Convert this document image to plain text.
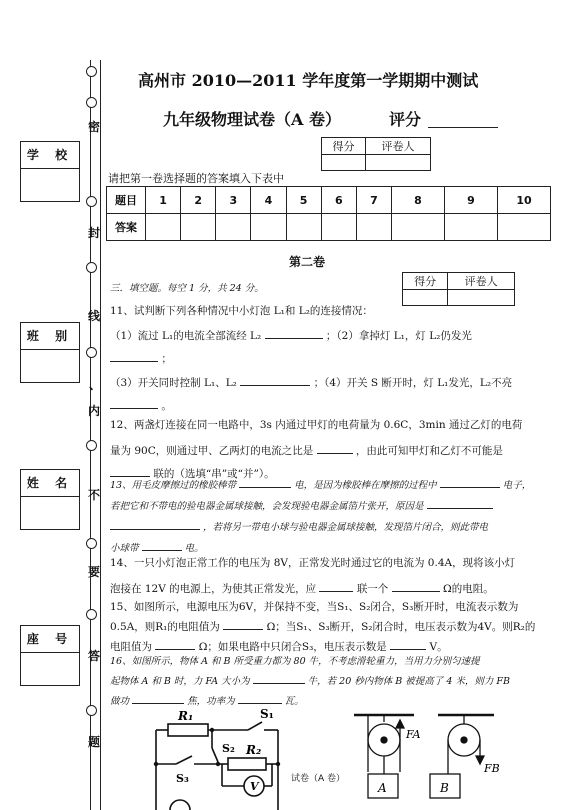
密
封
线
、
内
不
要
答
题
学 校
班 别
姓 名
座 号
高州市 2010—2011 学年度第一学期期中测试
九年级物理试卷（A 卷）	评分
得分	评卷人

请把第一卷选择题的答案填入下表中
题目	1	2	3	4	5	6	7	8	9	10
答案										
第二卷
得分	评卷人

三．填空题。每空 1 分，共 24 分。
11、试判断下列各种情况中小灯泡 L₁和 L₂的连接情况：
（1）流过 L₁的电流全部流经 L₂	；（2）拿掉灯 L₁，灯 L₂仍发光
；
（3）开关同时控制 L₁、L₂	；（4）开关 S 断开时，灯 L₁发光，L₂不亮
。
12、两盏灯连接在同一电路中，3s 内通过甲灯的电荷量为 0.6C，3min 通过乙灯的电荷
量为 90C，则通过甲、乙两灯的电流之比是	，由此可知甲灯和乙灯不可能是
联的（选填“串”或“并”）。
13、用毛皮摩擦过的橡胶棒带	电，是因为橡胶棒在摩擦的过程中	电子，
若把它和不带电的验电器金属球接触，会发现验电器金属箔片张开，原因是
，若将另一带电小球与验电器金属球接触，发现箔片闭合，则此带电
小球带	电。
14、一只小灯泡正常工作的电压为 8V，正常发光时通过它的电流为 0.4A，现将该小灯
泡接在 12V 的电源上，为使其正常发光，应	联一个	Ω的电阻。
15、如图所示，电源电压为6V，并保持不变，当S₁、S₂闭合，S₃断开时，电流表示数为
0.5A，则R₁的电阻值为	Ω；当S₁、S₃断开，S₂闭合时，电压表示数为4V。则R₂的
电阻值为	Ω；如果电路中只闭合S₃，电压表示数是	V。
16、如图所示，物体 A 和 B 所受重力都为 80 牛，不考虑滑轮重力，当用力分别匀速提
起物体 A 和 B 时，力 FA 大小为	牛，若 20 秒内物体 B 被提高了 4 米，则力 FB
做功	焦，功率为	瓦。
R₁	S₁
S₂ R₂
S₃
V
试卷（A 卷）
FA
FB
A	B
